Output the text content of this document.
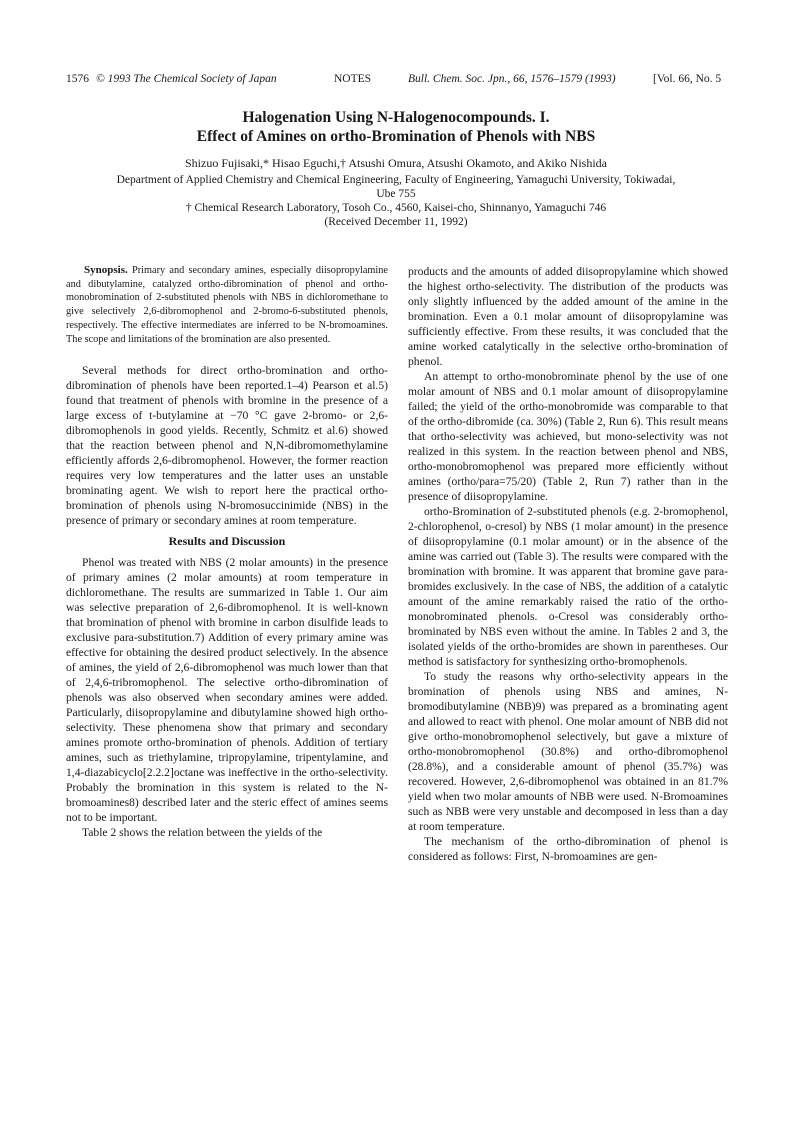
1576 © 1993 The Chemical Society of Japan	NOTES	Bull. Chem. Soc. Jpn., 66, 1576–1579 (1993)	[Vol. 66, No. 5
Halogenation Using N-Halogenocompounds. I.
Effect of Amines on ortho-Bromination of Phenols with NBS
Shizuo Fujisaki,* Hisao Eguchi,† Atsushi Omura, Atsushi Okamoto, and Akiko Nishida
Department of Applied Chemistry and Chemical Engineering, Faculty of Engineering, Yamaguchi University, Tokiwadai,
Ube 755
† Chemical Research Laboratory, Tosoh Co., 4560, Kaisei-cho, Shinnanyo, Yamaguchi 746
(Received December 11, 1992)

Synopsis. Primary and secondary amines, especially diisopropylamine and dibutylamine, catalyzed ortho-dibromination of phenol and ortho-monobromination of 2-substituted phenols with NBS in dichloromethane to give selectively 2,6-dibromophenol and 2-bromo-6-substituted phenols, respectively. The effective intermediates are inferred to be N-bromoamines. The scope and limitations of the bromination are also presented.

Several methods for direct ortho-bromination and ortho-dibromination of phenols have been reported.1–4) Pearson et al.5) found that treatment of phenols with bromine in the presence of a large excess of t-butylamine at −70 °C gave 2-bromo- or 2,6-dibromophenols in good yields. Recently, Schmitz et al.6) showed that the reaction between phenol and N,N-dibromomethylamine efficiently affords 2,6-dibromophenol. However, the former reaction requires very low temperatures and the latter uses an unstable brominating agent. We wish to report here the practical ortho-bromination of phenols using N-bromosuccinimide (NBS) in the presence of primary or secondary amines at room temperature.

Results and Discussion

Phenol was treated with NBS (2 molar amounts) in the presence of primary amines (2 molar amounts) at room temperature in dichloromethane. The results are summarized in Table 1. Our aim was selective preparation of 2,6-dibromophenol. It is well-known that bromination of phenol with bromine in carbon disulfide leads to exclusive para-substitution.7) Addition of every primary amine was effective for obtaining the desired product selectively. In the absence of amines, the yield of 2,6-dibromophenol was much lower than that of 2,4,6-tribromophenol. The selective ortho-dibromination of phenols was also observed when secondary amines were added. Particularly, diisopropylamine and dibutylamine showed high ortho-selectivity. These phenomena show that primary and secondary amines promote ortho-bromination of phenols. Addition of tertiary amines, such as triethylamine, tripropylamine, tripentylamine, and 1,4-diazabicyclo[2.2.2]octane was ineffective in the ortho-selectivity. Probably the bromination in this system is related to the N-bromoamines8) described later and the steric effect of amines seems not to be important.

Table 2 shows the relation between the yields of the

products and the amounts of added diisopropylamine which showed the highest ortho-selectivity. The distribution of the products was only slightly influenced by the added amount of the amine in the bromination. Even a 0.1 molar amount of diisopropylamine was sufficiently effective. From these results, it was concluded that the amine worked catalytically in the selective ortho-bromination of phenol.

An attempt to ortho-monobrominate phenol by the use of one molar amount of NBS and 0.1 molar amount of diisopropylamine failed; the yield of the ortho-monobromide was comparable to that of the ortho-dibromide (ca. 30%) (Table 2, Run 6). This result means that ortho-selectivity was achieved, but mono-selectivity was not realized in this system. In the reaction between phenol and NBS, ortho-monobromophenol was prepared more efficiently without amines (ortho/para=75/20) (Table 2, Run 7) rather than in the presence of diisopropylamine.

ortho-Bromination of 2-substituted phenols (e.g. 2-bromophenol, 2-chlorophenol, o-cresol) by NBS (1 molar amount) in the presence of diisopropylamine (0.1 molar amount) or in the absence of the amine was carried out (Table 3). The results were compared with the bromination with bromine. It was apparent that bromine gave para-bromides exclusively. In the case of NBS, the addition of a catalytic amount of the amine remarkably raised the ratio of the ortho-monobrominated phenols. o-Cresol was considerably ortho-brominated by NBS even without the amine. In Tables 2 and 3, the isolated yields of the ortho-bromides are shown in parentheses. Our method is satisfactory for synthesizing ortho-bromophenols.

To study the reasons why ortho-selectivity appears in the bromination of phenols using NBS and amines, N-bromodibutylamine (NBB)9) was prepared as a brominating agent and allowed to react with phenol. One molar amount of NBB did not give ortho-monobromophenol selectively, but gave a mixture of ortho-monobromophenol (30.8%) and ortho-dibromophenol (28.8%), and a considerable amount of phenol (35.7%) was recovered. However, 2,6-dibromophenol was obtained in an 81.7% yield when two molar amounts of NBB were used. N-Bromoamines such as NBB were very unstable and decomposed in less than a day at room temperature.

The mechanism of the ortho-dibromination of phenol is considered as follows: First, N-bromoamines are gen-
